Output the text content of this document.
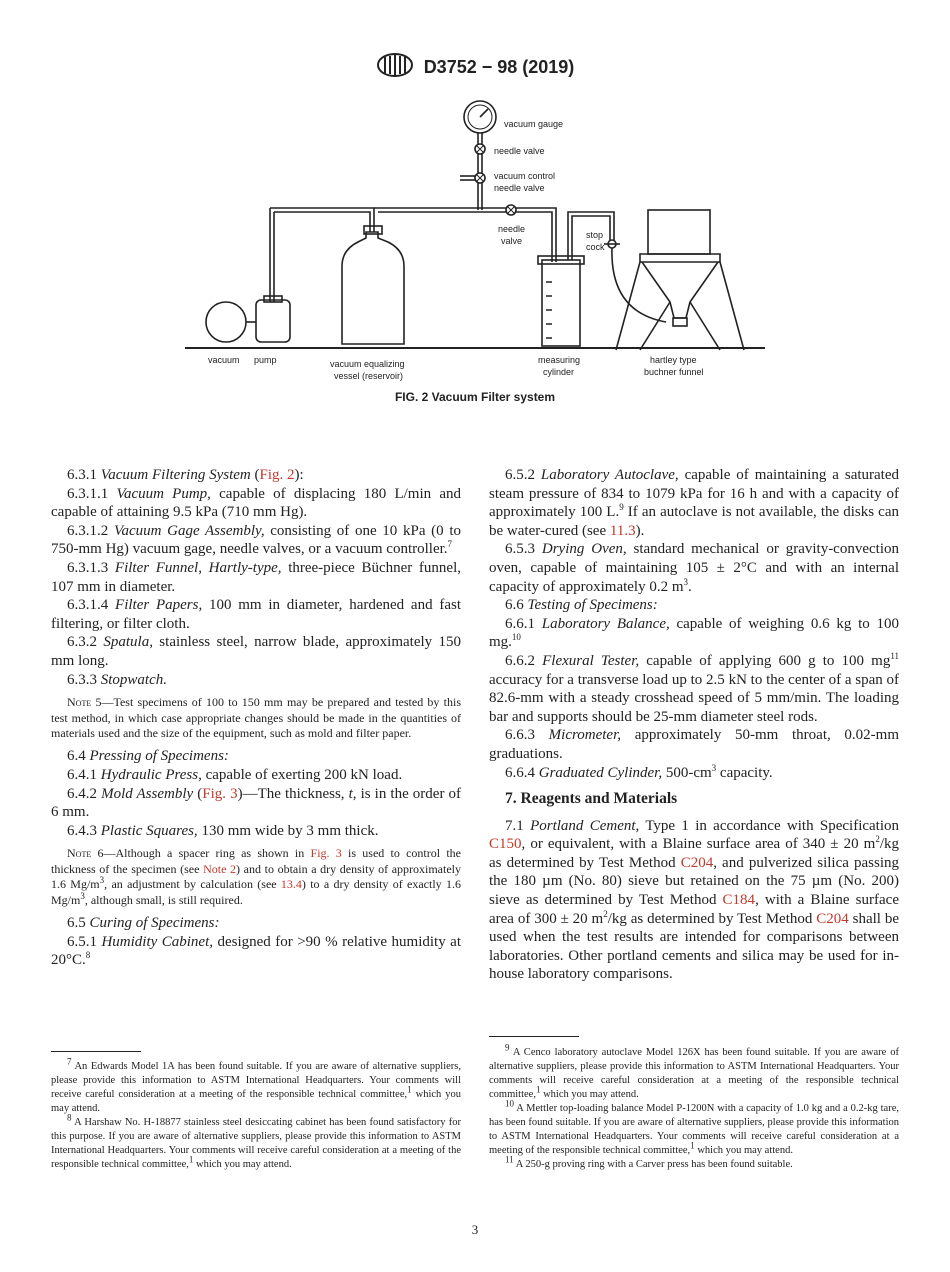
D3752 − 98 (2019)
vacuum gauge
needle valve
vacuum control
needle valve
needle
valve
stop
cock
vacuum pump	vacuum equalizing
vessel (reservoir)
measuring
cylinder
hartley type
buchner funnel
FIG. 2 Vacuum Filter system

6.3.1 Vacuum Filtering System (Fig. 2):

6.3.1.1 Vacuum Pump, capable of displacing 180 L/min and capable of attaining 9.5 kPa (710 mm Hg).

6.3.1.2 Vacuum Gage Assembly, consisting of one 10 kPa (0 to 750-mm Hg) vacuum gage, needle valves, or a vacuum controller.$^7$

6.3.1.3 Filter Funnel, Hartly-type, three-piece Büchner funnel, 107 mm in diameter.

6.3.1.4 Filter Papers, 100 mm in diameter, hardened and fast filtering, or filter cloth.

6.3.2 Spatula, stainless steel, narrow blade, approximately 150 mm long.

6.3.3 Stopwatch.

Note 5—Test specimens of 100 to 150 mm may be prepared and tested by this test method, in which case appropriate changes should be made in the quantities of materials used and the size of the equipment, such as mold and filter paper.

6.4 Pressing of Specimens:

6.4.1 Hydraulic Press, capable of exerting 200 kN load.

6.4.2 Mold Assembly (Fig. 3)—The thickness, t, is in the order of 6 mm.

6.4.3 Plastic Squares, 130 mm wide by 3 mm thick.

Note 6—Although a spacer ring as shown in Fig. 3 is used to control the thickness of the specimen (see Note 2) and to obtain a dry density of approximately 1.6 $Mg/m^3$, an adjustment by calculation (see 13.4) to a dry density of exactly 1.6 $Mg/m^3$, although small, is still required.

6.5 Curing of Specimens:

6.5.1 Humidity Cabinet, designed for >90 % relative humidity at 20°C.$^8$

6.5.2 Laboratory Autoclave, capable of maintaining a saturated steam pressure of 834 to 1079 kPa for 16 h and with a capacity of approximately 100 L.$^9$ If an autoclave is not available, the disks can be water-cured (see 11.3).

6.5.3 Drying Oven, standard mechanical or gravity-convection oven, capable of maintaining 105 ± 2°C and with an internal capacity of approximately 0.2 $m^3$.

6.6 Testing of Specimens:

6.6.1 Laboratory Balance, capable of weighing 0.6 kg to 100 mg.$^{10}$

6.6.2 Flexural Tester, capable of applying 600 g to 100 $mg^{11}$ accuracy for a transverse load up to 2.5 kN to the center of a span of 82.6-mm with a steady crosshead speed of 5 mm/min. The loading bar and supports should be 25-mm diameter steel rods.

6.6.3 Micrometer, approximately 50-mm throat, 0.02-mm graduations.

6.6.4 Graduated Cylinder, $500-cm^3$ capacity.

7. Reagents and Materials

7.1 Portland Cement, Type 1 in accordance with Specification C150, or equivalent, with a Blaine surface area of 340 ± 20 $m^2/kg$ as determined by Test Method C204, and pulverized silica passing the 180 µm (No. 80) sieve but retained on the 75 µm (No. 200) sieve as determined by Test Method C184, with a Blaine surface area of 300 ± 20 $m^2/kg$ as determined by Test Method C204 shall be used when the test results are intended for comparisons between laboratories. Other portland cements and silica may be used for in-house laboratory comparisons.

$^7$ An Edwards Model 1A has been found suitable. If you are aware of alternative suppliers, please provide this information to ASTM International Headquarters. Your comments will receive careful consideration at a meeting of the responsible technical committee,$^1$ which you may attend.

$^8$ A Harshaw No. H-18877 stainless steel desiccating cabinet has been found satisfactory for this purpose. If you are aware of alternative suppliers, please provide this information to ASTM International Headquarters. Your comments will receive careful consideration at a meeting of the responsible technical committee,$^1$ which you may attend.

$^9$ A Cenco laboratory autoclave Model 126X has been found suitable. If you are aware of alternative suppliers, please provide this information to ASTM International Headquarters. Your comments will receive careful consideration at a meeting of the responsible technical committee,$^1$ which you may attend.

$^{10}$ A Mettler top-loading balance Model P-1200N with a capacity of 1.0 kg and a 0.2-kg tare, has been found suitable. If you are aware of alternative suppliers, please provide this information to ASTM International Headquarters. Your comments will receive careful consideration at a meeting of the responsible technical committee,$^1$ which you may attend.

$^{11}$ A 250-g proving ring with a Carver press has been found suitable.

3
